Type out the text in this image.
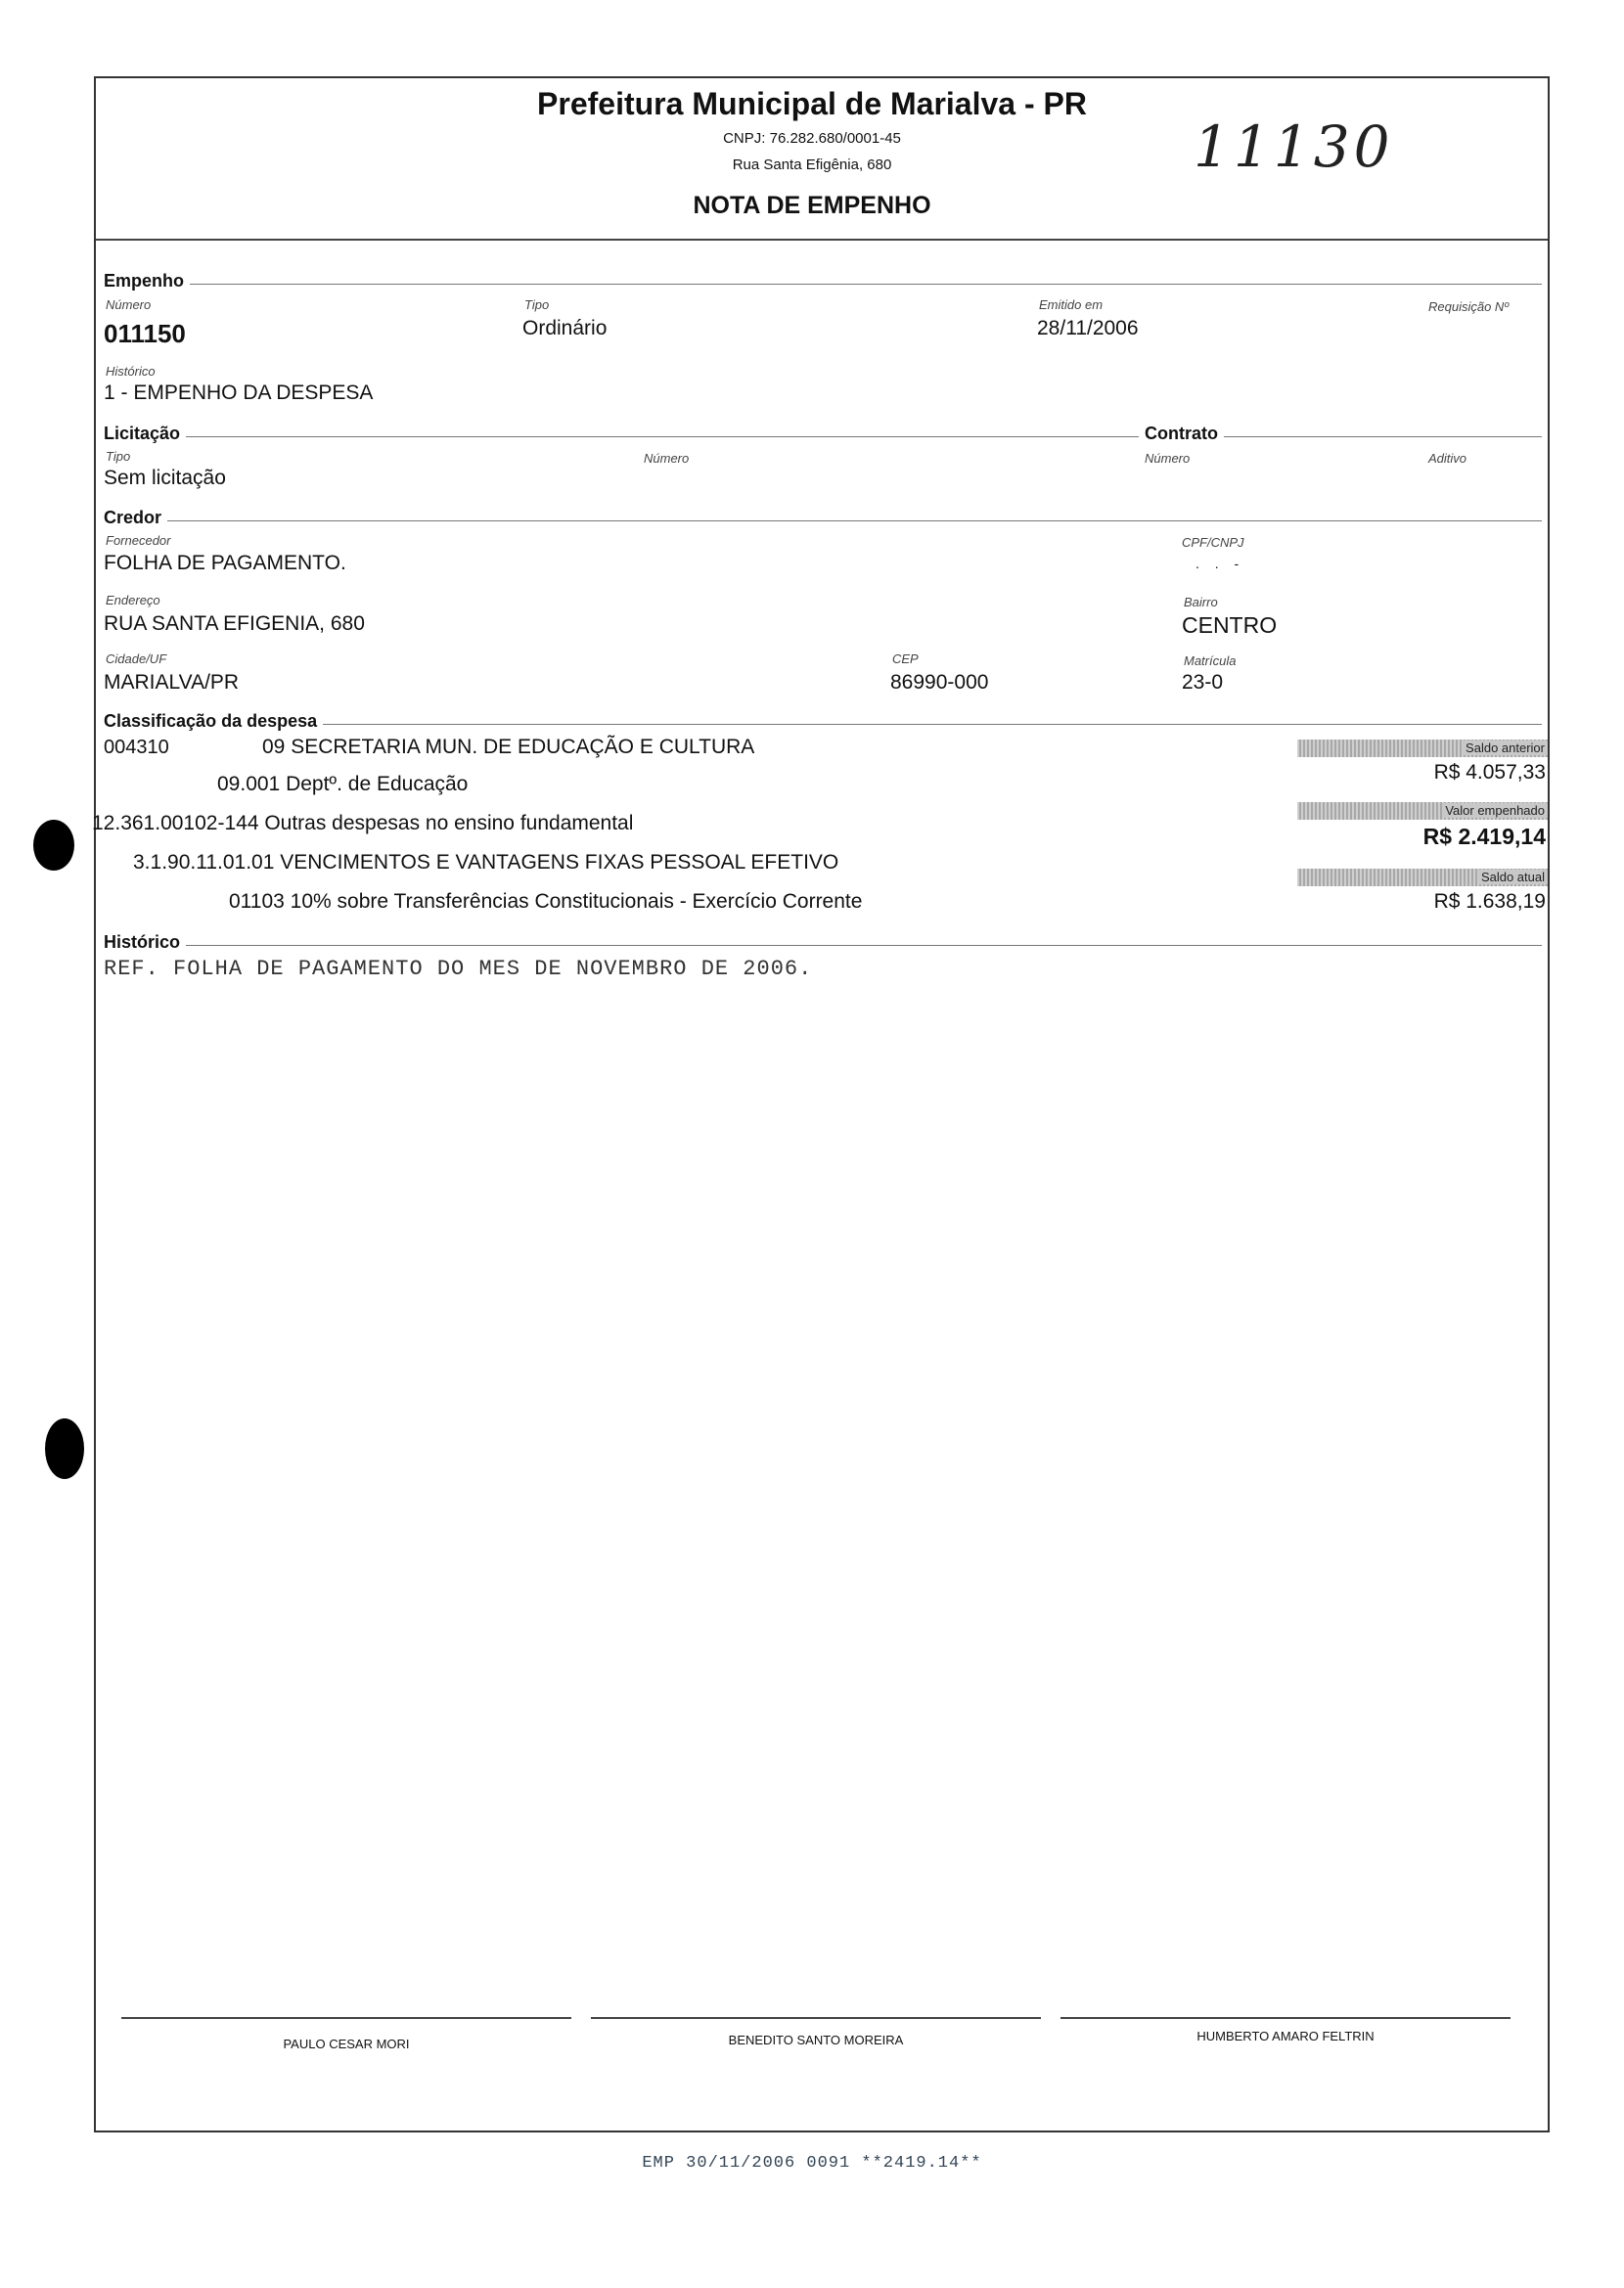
Prefeitura Municipal de Marialva - PR
CNPJ: 76.282.680/0001-45
Rua Santa Efigênia, 680
NOTA DE EMPENHO
11130
Empenho
Número
011150
Tipo
Ordinário
Emitido em
28/11/2006
Requisição Nº
Histórico
1 - EMPENHO DA DESPESA
Licitação	Contrato
Tipo
Sem licitação
Número	Número	Aditivo
Credor
Fornecedor
FOLHA DE PAGAMENTO.
CPF/CNPJ
. . -
Endereço
RUA SANTA EFIGENIA, 680
Bairro
CENTRO
Cidade/UF
MARIALVA/PR
CEP
86990-000
Matrícula
23-0
Classificação da despesa
004310	09 SECRETARIA MUN. DE EDUCAÇÃO E CULTURA
09.001 Deptº. de Educação
12.361.00102-144 Outras despesas no ensino fundamental
3.1.90.11.01.01 VENCIMENTOS E VANTAGENS FIXAS PESSOAL EFETIVO
01103 10% sobre Transferências Constitucionais - Exercício Corrente
Saldo anterior
R$ 4.057,33
Valor empenhado
R$ 2.419,14
Saldo atual
R$ 1.638,19
Histórico
REF. FOLHA DE PAGAMENTO DO MES DE NOVEMBRO DE 2006.
PAULO CESAR MORI	BENEDITO SANTO MOREIRA	HUMBERTO AMARO FELTRIN
EMP 30/11/2006 0091 **2419.14**
